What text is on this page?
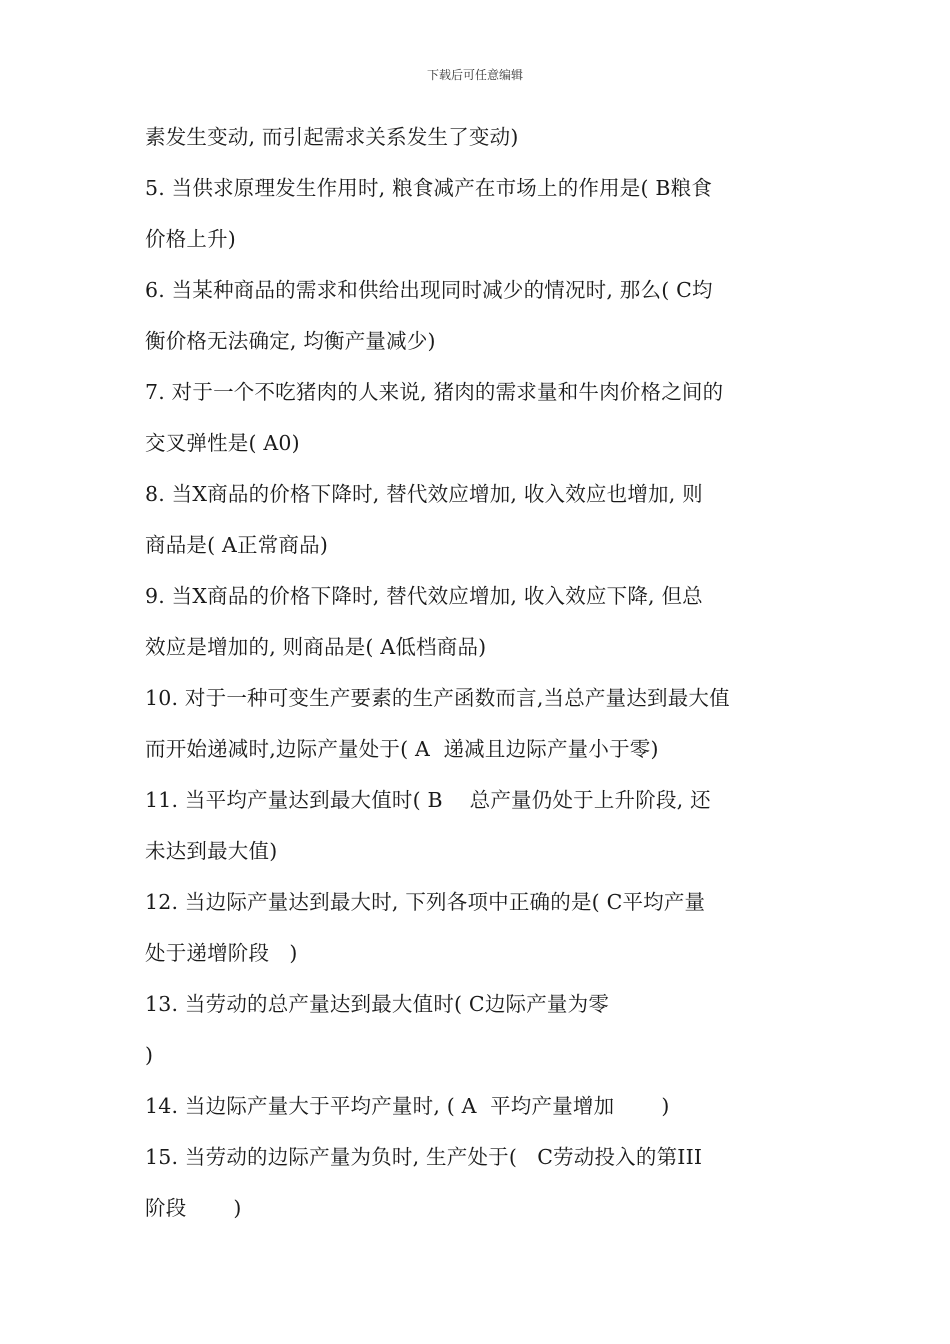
下载后可任意编辑
素发生变动, 而引起需求关系发生了变动)
5. 当供求原理发生作用时, 粮食减产在市场上的作用是( B粮食
价格上升)
6. 当某种商品的需求和供给出现同时减少的情况时, 那么( C均
衡价格无法确定, 均衡产量减少)
7. 对于一个不吃猪肉的人来说, 猪肉的需求量和牛肉价格之间的
交叉弹性是( A0)
8. 当X商品的价格下降时, 替代效应增加, 收入效应也增加, 则
商品是( A正常商品)
9. 当X商品的价格下降时, 替代效应增加, 收入效应下降, 但总
效应是增加的, 则商品是( A低档商品)
10. 对于一种可变生产要素的生产函数而言,当总产量达到最大值
而开始递减时,边际产量处于( A  递减且边际产量小于零)
11. 当平均产量达到最大值时( B    总产量仍处于上升阶段, 还
未达到最大值)
12. 当边际产量达到最大时, 下列各项中正确的是( C平均产量
处于递增阶段   )
13. 当劳动的总产量达到最大值时( C边际产量为零
)
14. 当边际产量大于平均产量时, ( A  平均产量增加       )
15. 当劳动的边际产量为负时, 生产处于(   C劳动投入的第III
阶段       )
